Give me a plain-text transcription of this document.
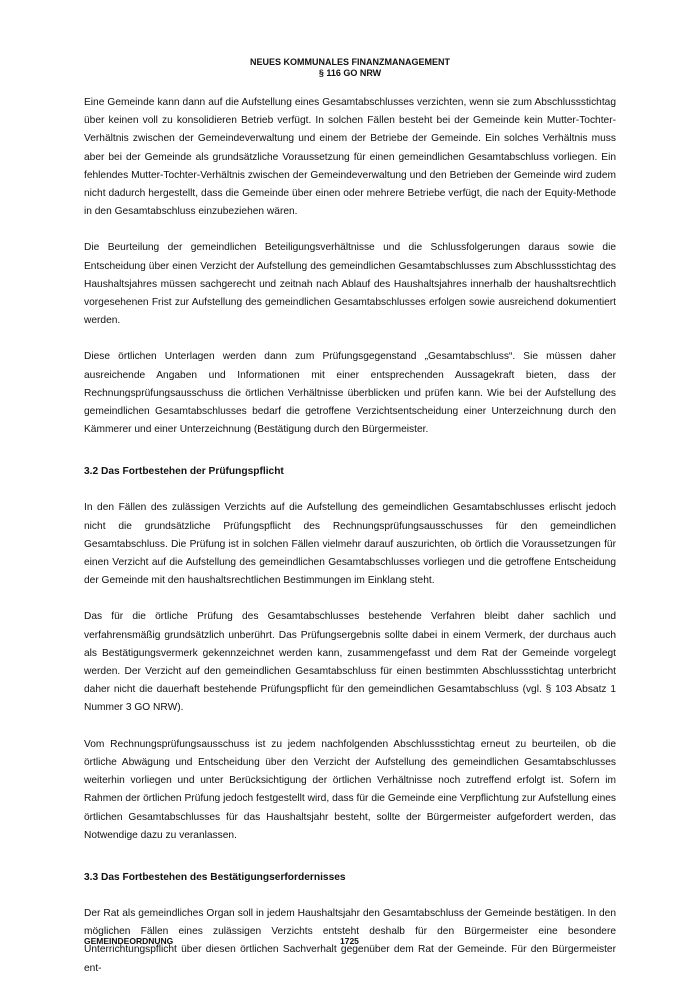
NEUES KOMMUNALES FINANZMANAGEMENT
§ 116 GO NRW

Eine Gemeinde kann dann auf die Aufstellung eines Gesamtabschlusses verzichten, wenn sie zum Abschlussstichtag über keinen voll zu konsolidieren Betrieb verfügt. In solchen Fällen besteht bei der Gemeinde kein Mutter-Tochter-Verhältnis zwischen der Gemeindeverwaltung und einem der Betriebe der Gemeinde. Ein solches Verhältnis muss aber bei der Gemeinde als grundsätzliche Voraussetzung für einen gemeindlichen Gesamtabschluss vorliegen. Ein fehlendes Mutter-Tochter-Verhältnis zwischen der Gemeindeverwaltung und den Betrieben der Gemeinde wird zudem nicht dadurch hergestellt, dass die Gemeinde über einen oder mehrere Betriebe verfügt, die nach der Equity-Methode in den Gesamtabschluss einzubeziehen wären.

Die Beurteilung der gemeindlichen Beteiligungsverhältnisse und die Schlussfolgerungen daraus sowie die Entscheidung über einen Verzicht der Aufstellung des gemeindlichen Gesamtabschlusses zum Abschlussstichtag des Haushaltsjahres müssen sachgerecht und zeitnah nach Ablauf des Haushaltsjahres innerhalb der haushaltsrechtlich vorgesehenen Frist zur Aufstellung des gemeindlichen Gesamtabschlusses erfolgen sowie ausreichend dokumentiert werden.

Diese örtlichen Unterlagen werden dann zum Prüfungsgegenstand „Gesamtabschluss“. Sie müssen daher ausreichende Angaben und Informationen mit einer entsprechenden Aussagekraft bieten, dass der Rechnungsprüfungsausschuss die örtlichen Verhältnisse überblicken und prüfen kann. Wie bei der Aufstellung des gemeindlichen Gesamtabschlusses bedarf die getroffene Verzichtsentscheidung einer Unterzeichnung durch den Kämmerer und einer Unterzeichnung (Bestätigung durch den Bürgermeister.

3.2 Das Fortbestehen der Prüfungspflicht

In den Fällen des zulässigen Verzichts auf die Aufstellung des gemeindlichen Gesamtabschlusses erlischt jedoch nicht die grundsätzliche Prüfungspflicht des Rechnungsprüfungsausschusses für den gemeindlichen Gesamtabschluss. Die Prüfung ist in solchen Fällen vielmehr darauf auszurichten, ob örtlich die Voraussetzungen für einen Verzicht auf die Aufstellung des gemeindlichen Gesamtabschlusses vorliegen und die getroffene Entscheidung der Gemeinde mit den haushaltsrechtlichen Bestimmungen im Einklang steht.

Das für die örtliche Prüfung des Gesamtabschlusses bestehende Verfahren bleibt daher sachlich und verfahrensmäßig grundsätzlich unberührt. Das Prüfungsergebnis sollte dabei in einem Vermerk, der durchaus auch als Bestätigungsvermerk gekennzeichnet werden kann, zusammengefasst und dem Rat der Gemeinde vorgelegt werden. Der Verzicht auf den gemeindlichen Gesamtabschluss für einen bestimmten Abschlussstichtag unterbricht daher nicht die dauerhaft bestehende Prüfungspflicht für den gemeindlichen Gesamtabschluss (vgl. § 103 Absatz 1 Nummer 3 GO NRW).

Vom Rechnungsprüfungsausschuss ist zu jedem nachfolgenden Abschlussstichtag erneut zu beurteilen, ob die örtliche Abwägung und Entscheidung über den Verzicht der Aufstellung des gemeindlichen Gesamtabschlusses weiterhin vorliegen und unter Berücksichtigung der örtlichen Verhältnisse noch zutreffend erfolgt ist. Sofern im Rahmen der örtlichen Prüfung jedoch festgestellt wird, dass für die Gemeinde eine Verpflichtung zur Aufstellung eines örtlichen Gesamtabschlusses für das Haushaltsjahr besteht, sollte der Bürgermeister aufgefordert werden, das Notwendige dazu zu veranlassen.

3.3 Das Fortbestehen des Bestätigungserfordernisses

Der Rat als gemeindliches Organ soll in jedem Haushaltsjahr den Gesamtabschluss der Gemeinde bestätigen. In den möglichen Fällen eines zulässigen Verzichts entsteht deshalb für den Bürgermeister eine besondere Unterrichtungspflicht über diesen örtlichen Sachverhalt gegenüber dem Rat der Gemeinde. Für den Bürgermeister ent-

GEMEINDEORDNUNG	1725
